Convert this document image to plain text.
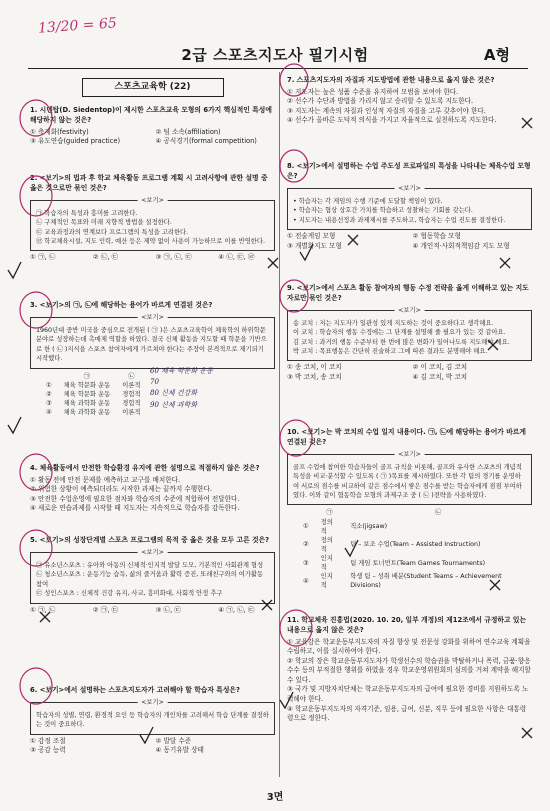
2급 스포츠지도사 필기시험	A형
13/20 = 65
스포츠교육학 (22)
1. 시덴탑(D. Siedentop)이 제시한 스포츠교육 모형의 6가지 핵심적인 특성에 해당하지 않는 것은?
① 축제화(festivity)	② 팀 소속(affiliation)
③ 유도연습(guided practice)	④ 공식경기(formal competition)
2. <보기>의 법과 후 학교 체육활동 프로그램 계획 시 고려사항에 관한 설명 중 옳은 것으로만 묶인 것은?
<보기>
㉠ 학습자의 특성과 흥미를 고려한다.
㉡ 구체적인 목표와 미래 지향적 방법을 설정한다.
㉢ 교육과정과의 연계보다 프로그램의 특성을 고려한다.
㉣ 학교체육시설, 지도 인력, 예산 등은 제약 없이 사용이 가능하므로 이를 반영한다.
① ㉠, ㉡	② ㉡, ㉢	③ ㉠, ㉡, ㉢	④ ㉡, ㉢, ㉣
3. <보기>의 ㉠, ㉡에 해당하는 용어가 바르게 연결된 것은?
<보기>
1960년대 중반 미국을 중심으로 전개된 ( ㉠ )은 스포츠교육학이 체육학의 하위학문 분야로 성장하는데 촉매제 역할을 하였다. 결국 신체 활동을 지도할 때 학문을 기반으로 한 ( ㉡ )지식을 스포츠 참여자에게 가르쳐야 한다는 주장이 본격적으로 제기되기 시작했다.
	㉠	㉡
①	체육 학문화 운동	이론적
②	체육 학문화 운동	경험적
③	체육 과학화 운동	경험적
④	체육 과학화 운동	이론적
4. 체육활동에서 안전한 학습환경 유지에 관한 설명으로 적절하지 않은 것은?
① 활동 전에 안전 문제를 예측하고 교구를 배치한다.
② 위험한 상황이 예측되더라도 시작한 과제는 끝까지 수행한다.
③ 안전한 수업운영에 필요한 점차와 학습자의 수준에 적합하여 전달한다.
④ 새로운 연습과제를 시작할 때 지도자는 지속적으로 학습자를 감독한다.
5. <보기>의 성장단계별 스포츠 프로그램의 목적 중 옳은 것을 모두 고른 것은?
<보기>
㉠ 유소년스포츠 : 유아와 아동의 신체적·인지적 발달 도모, 기본적인 사회관계 형성
㉡ 청소년스포츠 : 운동기능 습득, 삶의 즐거움과 활력 증진, 또래친구와의 여가활동 참여
㉢ 성인스포츠 : 신체적 건강 유지, 사교, 흥미화대, 사회적 안정 추구
① ㉠, ㉡	② ㉠, ㉢	③ ㉡, ㉢	④ ㉠, ㉡, ㉢
6. <보기>에서 설명하는 스포츠지도자가 고려해야 할 학습자 특성은?
<보기>
학습자의 성별, 연령, 환경적 요인 등 학습자의 개인차를 고려해서 학습 단계를 결정하는 것이 중요하다.
① 감정 조절	② 발달 수준
③ 공감 능력	④ 동기유발 상태
7. 스포츠지도자의 자질과 지도방법에 관한 내용으로 옳지 않은 것은?
① 지도자는 높은 성품 수준을 유지하여 모범을 보여야 한다.
② 선수가 수단과 방법을 가리지 않고 승리할 수 있도록 지도한다.
③ 지도자는 계속의 자질과 인성적 자질의 자질을 고루 갖추어야 한다.
④ 선수가 올바른 도덕적 의식을 가지고 자율적으로 실천하도록 지도한다.
8. <보기>에서 설명하는 수업 주도성 프로파일의 특성을 나타내는 체육수업 모형은?
<보기>
• 학습자는 각 게임의 수행 기준에 도달할 책임이 있다.
• 학습자는 협상 상호간 가치를 학습하고 성찰하는 기회를 갖는다.
• 지도자는 내용선정과 과제제시를 주도하고, 학습자는 수업 진도를 결정한다.
① 전술게임 모형	② 협동학습 모형
③ 개별화지도 모형	④ 개인적·사회적책임감 지도 모형
9. <보기>에서 스포츠 활동 참여자의 행동 수정 전략을 옳게 이해하고 있는 지도자로만 묶인 것은?
<보기>
송 코치 : 저는 지도자가 일관성 있게 지도하는 것이 중요하다고 생각해요.
이 코치 : 학습자의 행동 수정에는 그 단계를 설명해 줄 필요가 있는 것 같아요.
김 코치 : 과거의 행동 수준부터 한 번에 많은 변화가 일어나도록 지도해야 해요.
박 코치 : 목표행동은 간단히 진술하고 그에 따른 결과도 분명해야 해요.
① 송 코치, 이 코치	② 이 코치, 김 코치
③ 박 코치, 송 코치	④ 김 코치, 박 코치
10. <보기>는 박 코치의 수업 일지 내용이다. ㉠, ㉡에 해당하는 용어가 바르게 연결된 것은?
<보기>
골프 수업에 참여한 학습자들이 골프 규칙을 비롯해, 골프와 유사한 스포츠의 개념적 특성을 비교·분석할 수 있도록 ( ㉠ )목표를 제시하였다. 또한 각 팀의 경기를 운영하여 서로의 점수를 비교하여 같은 점수에서 쌓은 점수를 받는 학습자에게 점점 부여하였다. 이와 같이 협동학습 모형의 과제구조 중 ( ㉡ )전략을 사용하였다.
	㉠	㉡
①	정의적	직소(jigsaw)
②	정의적	팀 – 보조 수업(Team – Assisted Instruction)
③	인지적	팀 게임 토너먼트(Team Games Tournaments)
④	인지적	학생 팀 – 성취 배분(Student Teams – Achievement Divisions)
11. 학교체육 진흥법(2020. 10. 20, 일부 개정)의 제12조에서 규정하고 있는 내용으로 옳지 않은 것은?
① 교육감은 학교운동부지도자의 자질 향상 및 전문성 강화를 위하여 연수교육 계획을 수립하고, 이를 실시하여야 한다.
② 학교의 장은 학교운동부지도자가 학생선수의 학습권을 박탈하거나 폭력, 금품·향응 수수 등의 부적절한 행위를 하였을 경우 학교운영위원회의 심의를 거쳐 계약을 해지할 수 있다.
③ 국가 및 지방자치단체는 학교운동부지도자의 급여에 필요한 경비를 지원하도록 노력해야 한다.
④ 학교운동부지도자의 자격기준, 임용, 급여, 신분, 직무 등에 필요한 사항은 대통령령으로 정한다.
60 체육 학문화 운동
70
80 신체 건강화
90 신체 과학화
3면
